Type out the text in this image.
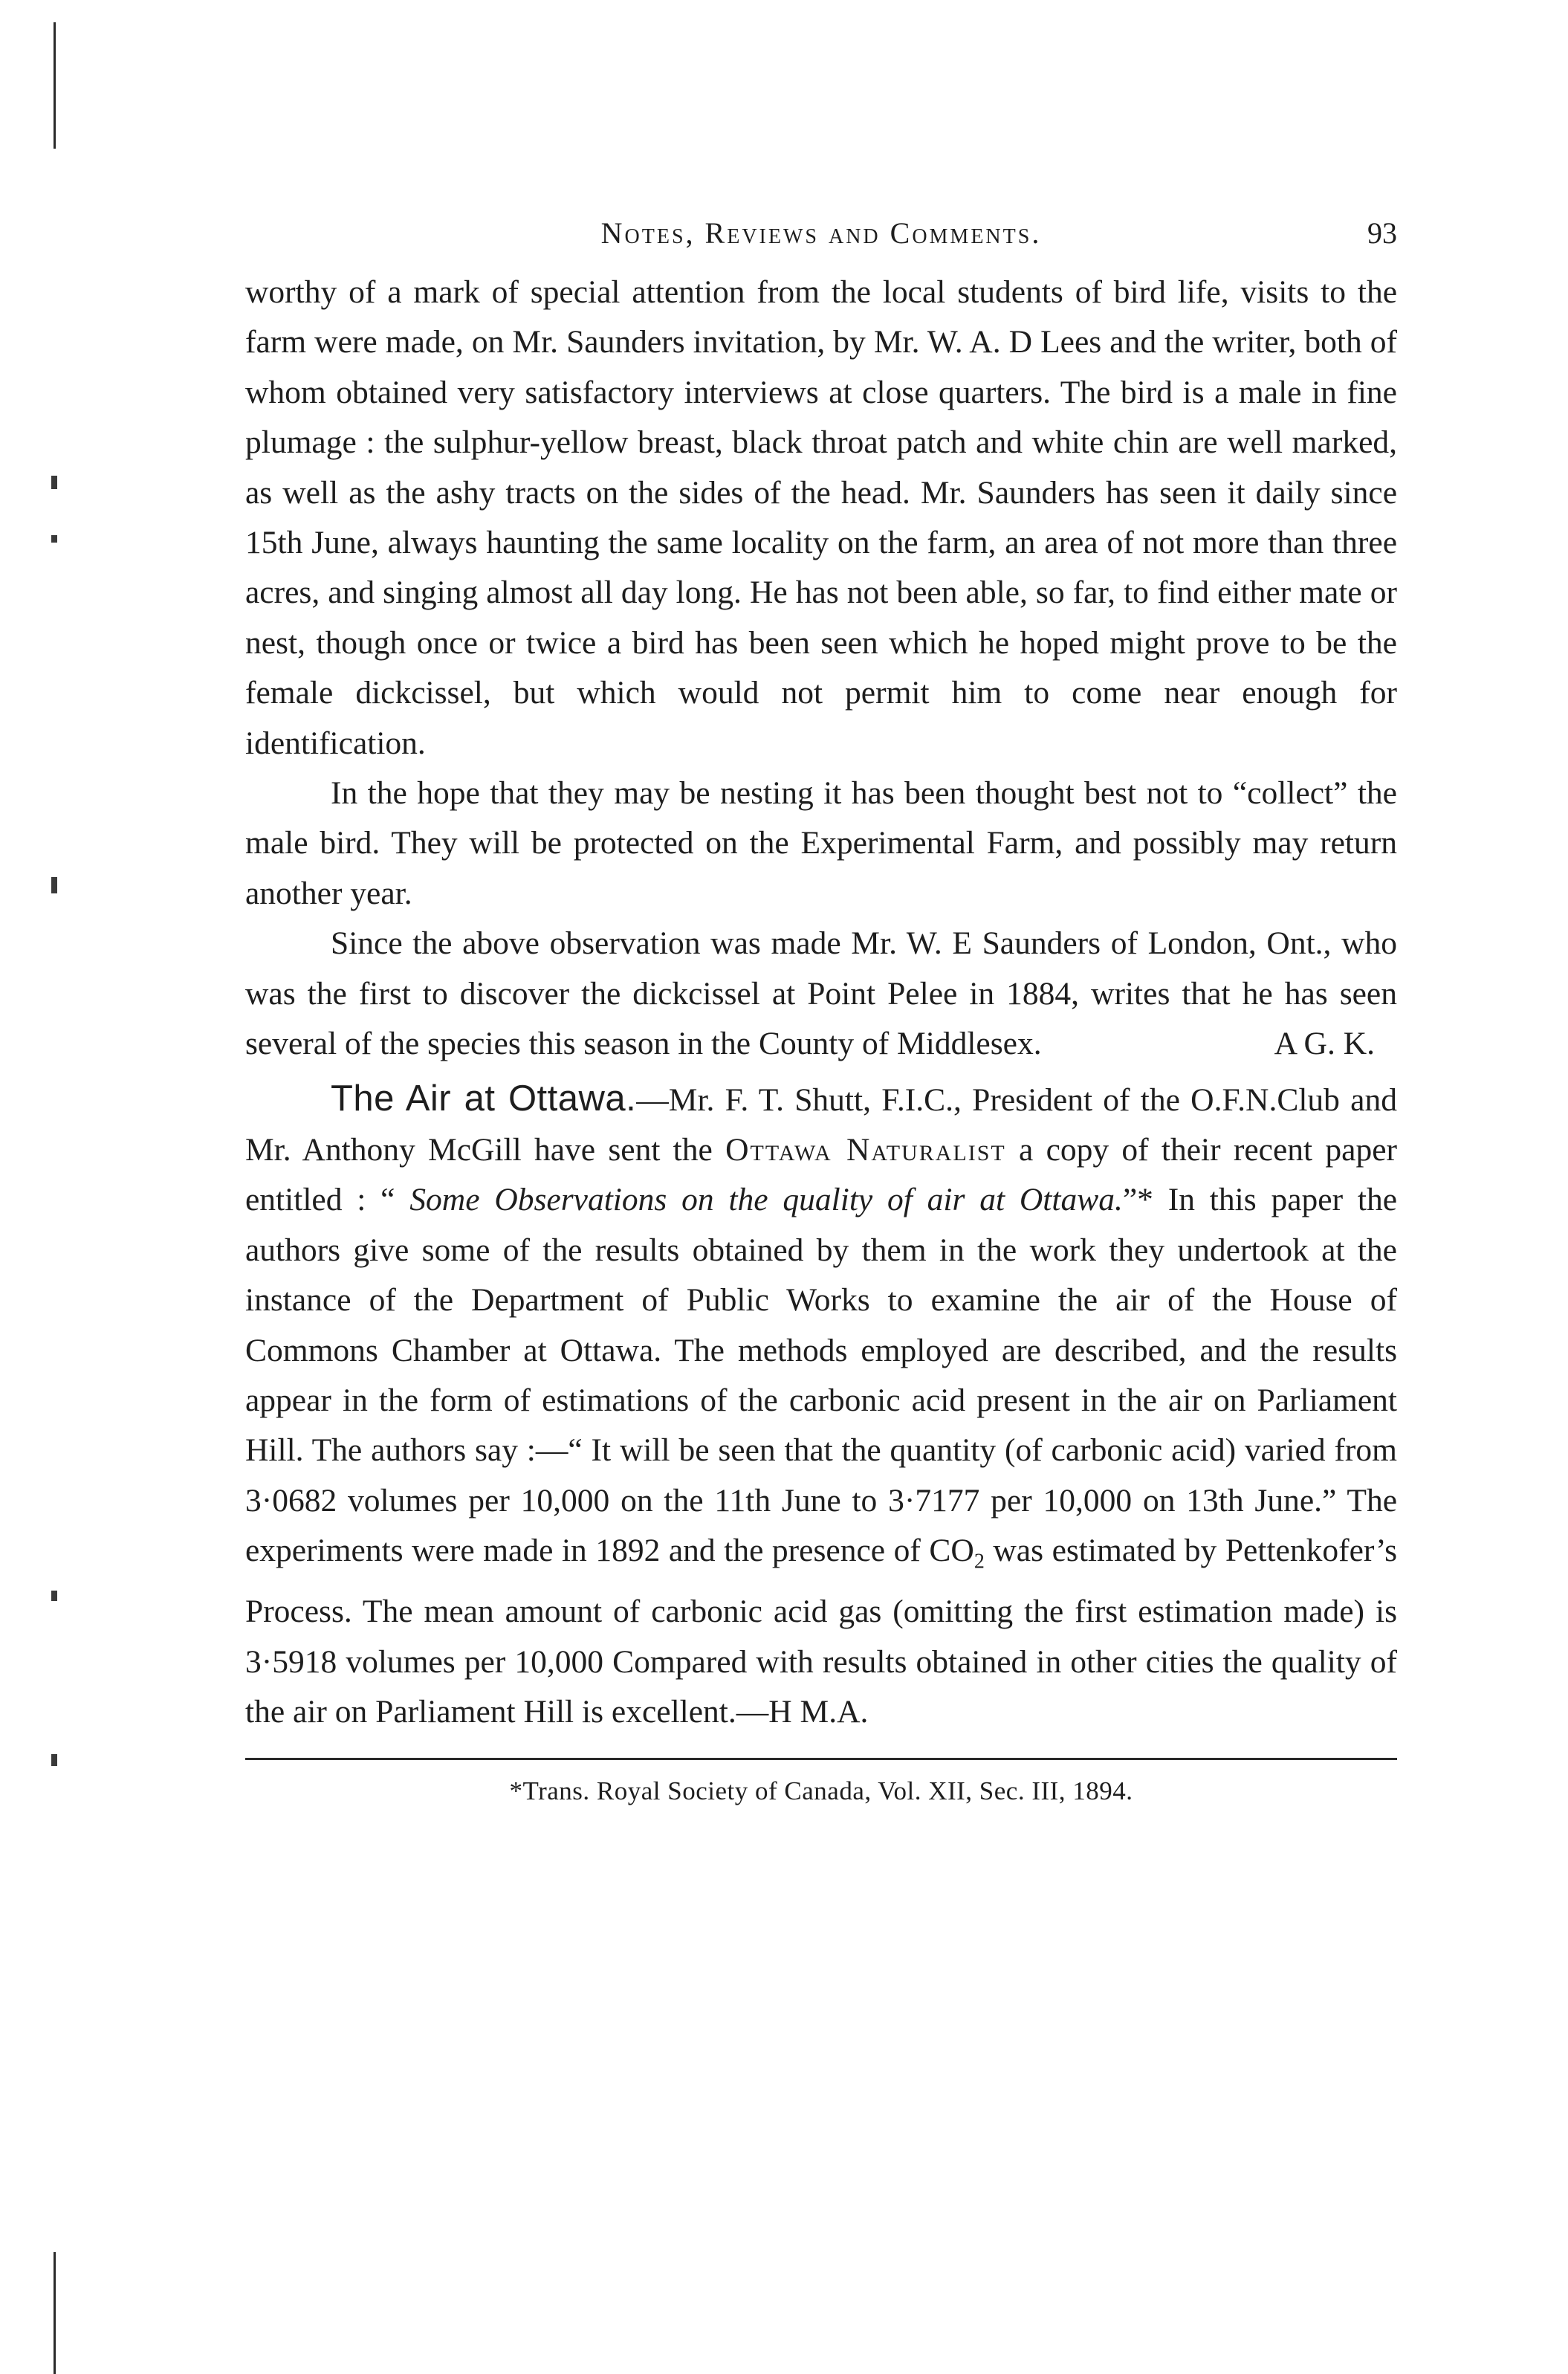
Notes, Reviews and Comments.	93

worthy of a mark of special attention from the local students of bird life, visits to the farm were made, on Mr. Saunders invitation, by Mr. W. A. D Lees and the writer, both of whom obtained very satisfactory interviews at close quarters. The bird is a male in fine plumage : the sulphur-yellow breast, black throat patch and white chin are well marked, as well as the ashy tracts on the sides of the head. Mr. Saunders has seen it daily since 15th June, always haunting the same locality on the farm, an area of not more than three acres, and singing almost all day long. He has not been able, so far, to find either mate or nest, though once or twice a bird has been seen which he hoped might prove to be the female dickcissel, but which would not permit him to come near enough for identification.

In the hope that they may be nesting it has been thought best not to “collect” the male bird. They will be protected on the Experimental Farm, and possibly may return another year.

Since the above observation was made Mr. W. E Saunders of London, Ont., who was the first to discover the dickcissel at Point Pelee in 1884, writes that he has seen several of the species this season in the County of Middlesex.	A G. K.

The Air at Ottawa.—Mr. F. T. Shutt, F.I.C., President of the O.F.N.Club and Mr. Anthony McGill have sent the Ottawa Naturalist a copy of their recent paper entitled : “ Some Observations on the quality of air at Ottawa.”* In this paper the authors give some of the results obtained by them in the work they undertook at the instance of the Department of Public Works to examine the air of the House of Commons Chamber at Ottawa. The methods employed are described, and the results appear in the form of estimations of the carbonic acid present in the air on Parliament Hill. The authors say :—“ It will be seen that the quantity (of carbonic acid) varied from 3·0682 volumes per 10,000 on the 11th June to 3·7177 per 10,000 on 13th June.” The experiments were made in 1892 and the presence of $CO_2$ was estimated by Pettenkofer’s Process. The mean amount of carbonic acid gas (omitting the first estimation made) is 3·5918 volumes per 10,000 Compared with results obtained in other cities the quality of the air on Parliament Hill is excellent.—H M.A.

*Trans. Royal Society of Canada, Vol. XII, Sec. III, 1894.
